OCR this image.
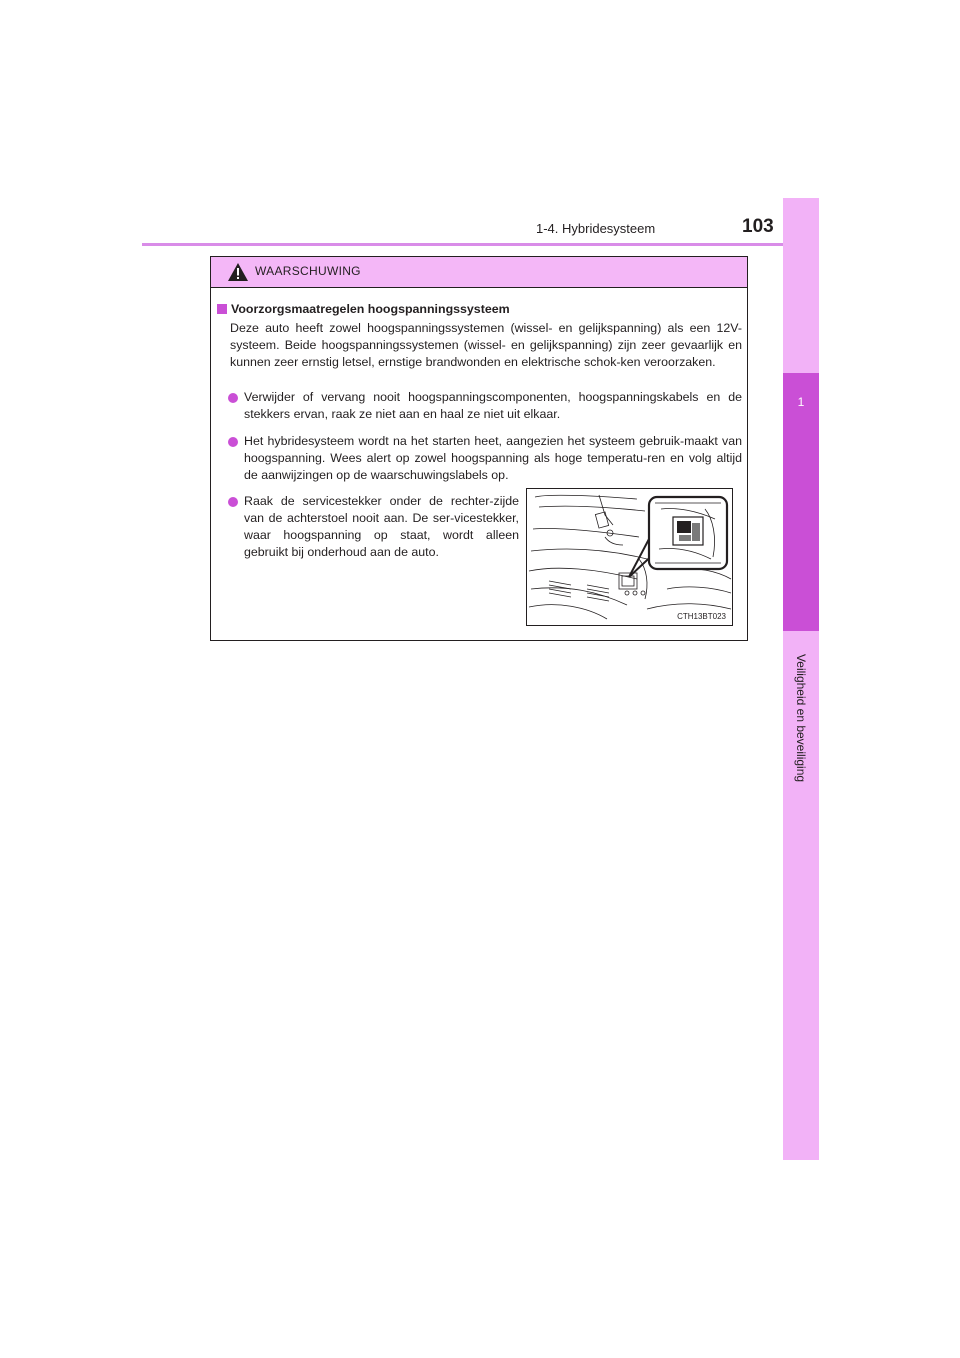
1-4. Hybridesysteem	103
1
Veiligheid en beveiliging
WAARSCHUWING
Voorzorgsmaatregelen hoogspanningssysteem
Deze auto heeft zowel hoogspanningssystemen (wissel- en gelijkspanning) als een 12V-systeem. Beide hoogspanningssystemen (wissel- en gelijkspanning) zijn zeer gevaarlijk en kunnen zeer ernstig letsel, ernstige brandwonden en elektrische schok-ken veroorzaken.
Verwijder of vervang nooit hoogspanningscomponenten, hoogspanningskabels en de stekkers ervan, raak ze niet aan en haal ze niet uit elkaar.
Het hybridesysteem wordt na het starten heet, aangezien het systeem gebruik-maakt van hoogspanning. Wees alert op zowel hoogspanning als hoge temperatu-ren en volg altijd de aanwijzingen op de waarschuwingslabels op.
Raak de servicestekker onder de rechter-zijde van de achterstoel nooit aan. De ser-vicestekker, waar hoogspanning op staat, wordt alleen gebruikt bij onderhoud aan de auto.
CTH13BT023
